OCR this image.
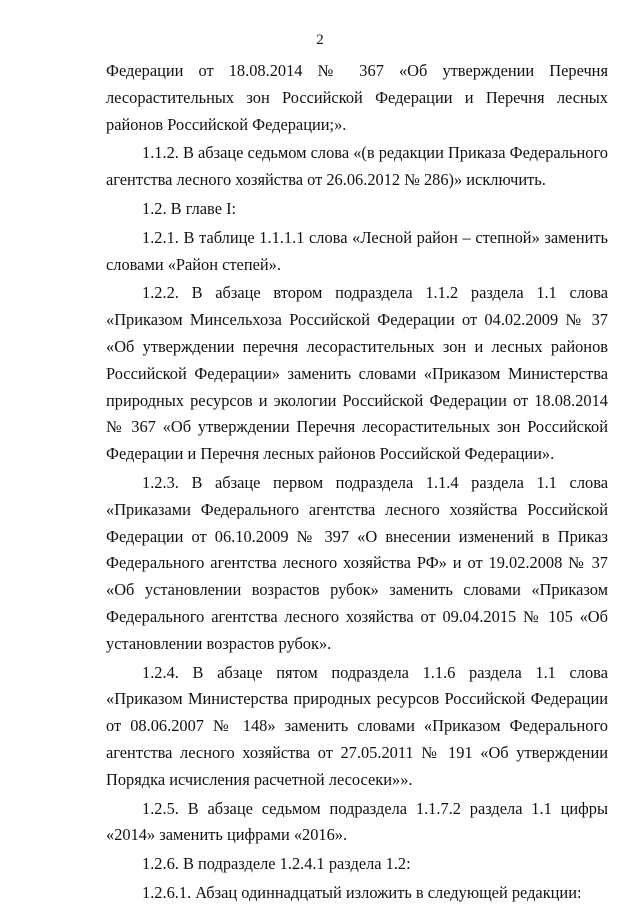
2

Федерации от 18.08.2014 № 367 «Об утверждении Перечня лесорастительных зон Российской Федерации и Перечня лесных районов Российской Федерации;».

1.1.2. В абзаце седьмом слова «(в редакции Приказа Федерального агентства лесного хозяйства от 26.06.2012 № 286)» исключить.

1.2. В главе I:

1.2.1. В таблице 1.1.1.1 слова «Лесной район – степной» заменить словами «Район степей».

1.2.2. В абзаце втором подраздела 1.1.2 раздела 1.1 слова «Приказом Минсельхоза Российской Федерации от 04.02.2009 № 37 «Об утверждении перечня лесорастительных зон и лесных районов Российской Федерации» заменить словами «Приказом Министерства природных ресурсов и экологии Российской Федерации от 18.08.2014 № 367 «Об утверждении Перечня лесорастительных зон Российской Федерации и Перечня лесных районов Российской Федерации».

1.2.3. В абзаце первом подраздела 1.1.4 раздела 1.1 слова «Приказами Федерального агентства лесного хозяйства Российской Федерации от 06.10.2009 № 397 «О внесении изменений в Приказ Федерального агентства лесного хозяйства РФ» и от 19.02.2008 № 37 «Об установлении возрастов рубок» заменить словами «Приказом Федерального агентства лесного хозяйства от 09.04.2015 № 105 «Об установлении возрастов рубок».

1.2.4. В абзаце пятом подраздела 1.1.6 раздела 1.1 слова «Приказом Министерства природных ресурсов Российской Федерации от 08.06.2007 № 148» заменить словами «Приказом Федерального агентства лесного хозяйства от 27.05.2011 № 191 «Об утверждении Порядка исчисления расчетной лесосеки»».

1.2.5. В абзаце седьмом подраздела 1.1.7.2 раздела 1.1 цифры «2014» заменить цифрами «2016».

1.2.6. В подразделе 1.2.4.1 раздела 1.2:

1.2.6.1. Абзац одиннадцатый изложить в следующей редакции:
